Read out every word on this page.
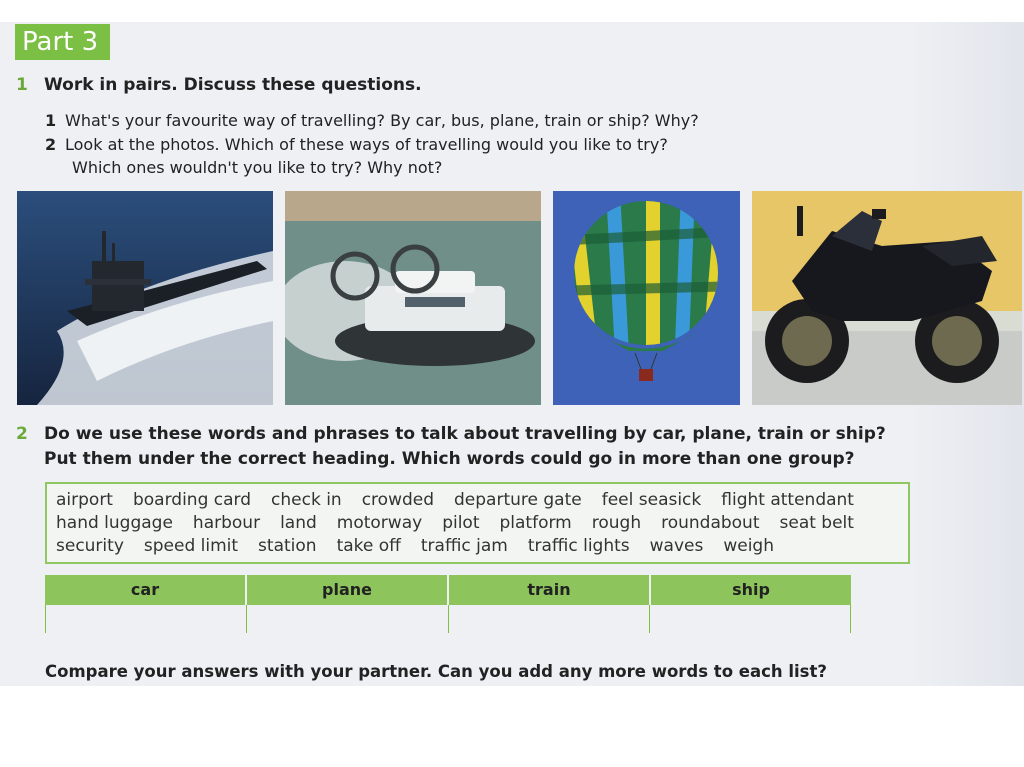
Part 3
1 Work in pairs. Discuss these questions.
1 What's your favourite way of travelling? By car, bus, plane, train or ship? Why?
2 Look at the photos. Which of these ways of travelling would you like to try?
Which ones wouldn't you like to try? Why not?
2 Do we use these words and phrases to talk about travelling by car, plane, train or ship?
Put them under the correct heading. Which words could go in more than one group?
airport boarding card check in crowded departure gate feel seasick flight attendant
hand luggage harbour land motorway pilot platform rough roundabout seat belt
security speed limit station take off traffic jam traffic lights waves weigh
car	plane	train	ship
Compare your answers with your partner. Can you add any more words to each list?
